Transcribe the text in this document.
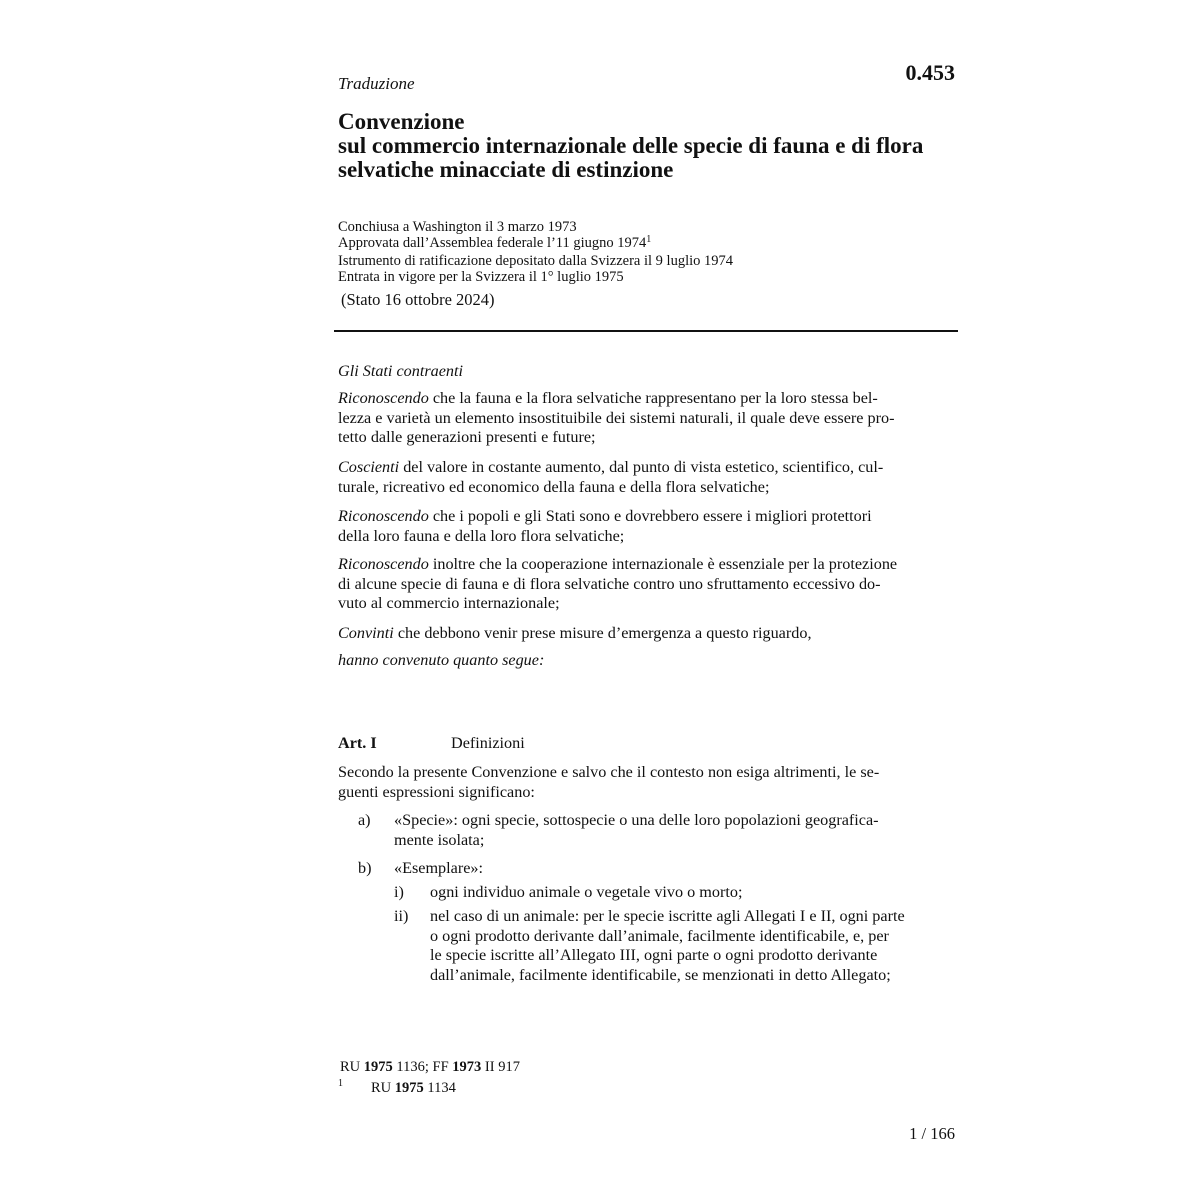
Traduzione	0.453
Convenzione
sul commercio internazionale delle specie di fauna e di flora
selvatiche minacciate di estinzione
Conchiusa a Washington il 3 marzo 1973
Approvata dall’Assemblea federale l’11 giugno 1974$^1$
Istrumento di ratificazione depositato dalla Svizzera il 9 luglio 1974
Entrata in vigore per la Svizzera il 1° luglio 1975
(Stato 16 ottobre 2024)
Gli Stati contraenti
Riconoscendo che la fauna e la flora selvatiche rappresentano per la loro stessa bel-
lezza e varietà un elemento insostituibile dei sistemi naturali, il quale deve essere pro-
tetto dalle generazioni presenti e future;
Coscienti del valore in costante aumento, dal punto di vista estetico, scientifico, cul-
turale, ricreativo ed economico della fauna e della flora selvatiche;
Riconoscendo che i popoli e gli Stati sono e dovrebbero essere i migliori protettori
della loro fauna e della loro flora selvatiche;
Riconoscendo inoltre che la cooperazione internazionale è essenziale per la protezione
di alcune specie di fauna e di flora selvatiche contro uno sfruttamento eccessivo do-
vuto al commercio internazionale;
Convinti che debbono venir prese misure d’emergenza a questo riguardo,
hanno convenuto quanto segue:
Art. I	Definizioni
Secondo la presente Convenzione e salvo che il contesto non esiga altrimenti, le se-
guenti espressioni significano:
a) «Specie»: ogni specie, sottospecie o una delle loro popolazioni geografica-
mente isolata;
b) «Esemplare»:
i) ogni individuo animale o vegetale vivo o morto;
ii) nel caso di un animale: per le specie iscritte agli Allegati I e II, ogni parte
o ogni prodotto derivante dall’animale, facilmente identificabile, e, per
le specie iscritte all’Allegato III, ogni parte o ogni prodotto derivante
dall’animale, facilmente identificabile, se menzionati in detto Allegato;
RU 1975 1136; FF 1973 II 917
1 RU 1975 1134
1 / 166
